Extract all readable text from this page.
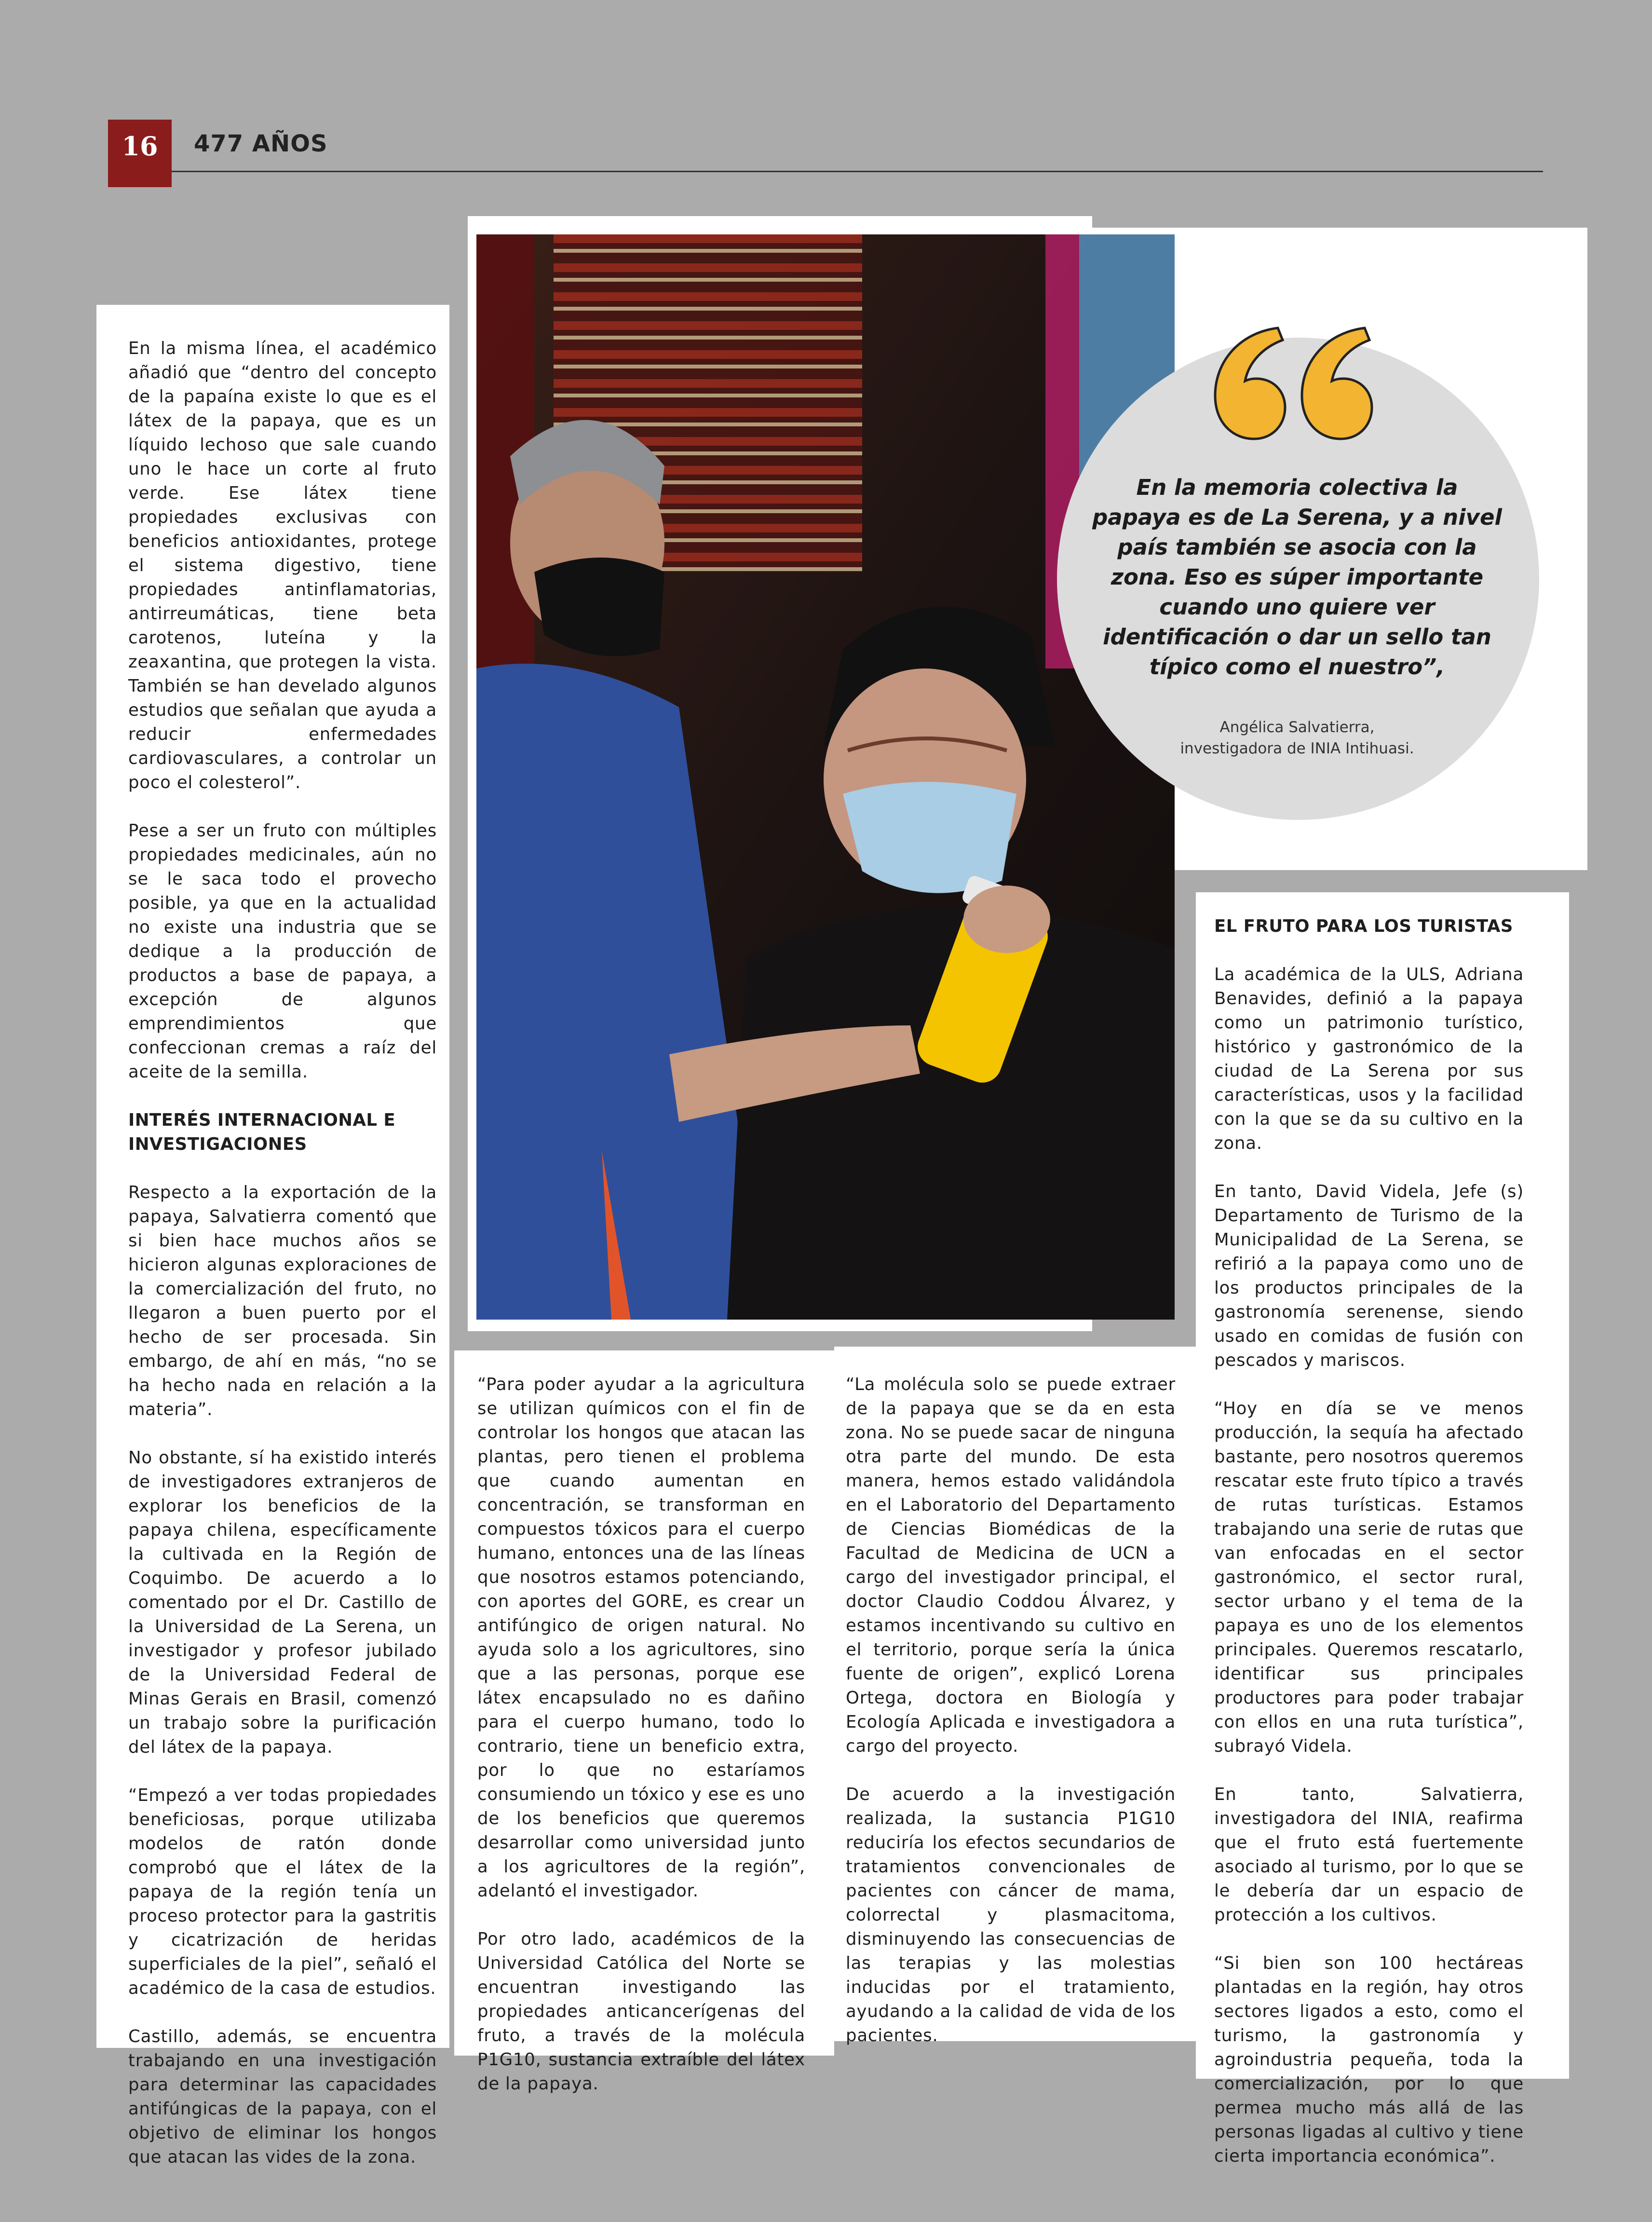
16	477 AÑOS
En la memoria colectiva la papaya es de La Serena, y a nivel país también se asocia con la zona. Eso es súper importante cuando uno quiere ver identificación o dar un sello tan típico como el nuestro”,
Angélica Salvatierra,
investigadora de INIA Intihuasi.

En la misma línea, el académico añadió que “dentro del concepto de la papaína existe lo que es el látex de la papaya, que es un líquido lechoso que sale cuando uno le hace un corte al fruto verde. Ese látex tiene propiedades exclusivas con beneficios antioxidantes, protege el sistema digestivo, tiene propiedades antinflamatorias, antirreumáticas, tiene beta carotenos, luteína y la zeaxantina, que protegen la vista. También se han develado algunos estudios que señalan que ayuda a reducir enfermedades cardiovasculares, a controlar un poco el colesterol”.

Pese a ser un fruto con múltiples propiedades medicinales, aún no se le saca todo el provecho posible, ya que en la actualidad no existe una industria que se dedique a la producción de productos a base de papaya, a excepción de algunos emprendimientos que confeccionan cremas a raíz del aceite de la semilla.

INTERÉS INTERNACIONAL E INVESTIGACIONES

Respecto a la exportación de la papaya, Salvatierra comentó que si bien hace muchos años se hicieron algunas exploraciones de la comercialización del fruto, no llegaron a buen puerto por el hecho de ser procesada. Sin embargo, de ahí en más, “no se ha hecho nada en relación a la materia”.

No obstante, sí ha existido interés de investigadores extranjeros de explorar los beneficios de la papaya chilena, específicamente la cultivada en la Región de Coquimbo. De acuerdo a lo comentado por el Dr. Castillo de la Universidad de La Serena, un investigador y profesor jubilado de la Universidad Federal de Minas Gerais en Brasil, comenzó un trabajo sobre la purificación del látex de la papaya.

“Empezó a ver todas propiedades beneficiosas, porque utilizaba modelos de ratón donde comprobó que el látex de la papaya de la región tenía un proceso protector para la gastritis y cicatrización de heridas superficiales de la piel”, señaló el académico de la casa de estudios.

Castillo, además, se encuentra trabajando en una investigación para determinar las capacidades antifúngicas de la papaya, con el objetivo de eliminar los hongos que atacan las vides de la zona.

“Para poder ayudar a la agricultura se utilizan químicos con el fin de controlar los hongos que atacan las plantas, pero tienen el problema que cuando aumentan en concentración, se transforman en compuestos tóxicos para el cuerpo humano, entonces una de las líneas que nosotros estamos potenciando, con aportes del GORE, es crear un antifúngico de origen natural. No ayuda solo a los agricultores, sino que a las personas, porque ese látex encapsulado no es dañino para el cuerpo humano, todo lo contrario, tiene un beneficio extra, por lo que no estaríamos consumiendo un tóxico y ese es uno de los beneficios que queremos desarrollar como universidad junto a los agricultores de la región”, adelantó el investigador.

Por otro lado, académicos de la Universidad Católica del Norte se encuentran investigando las propiedades anticancerígenas del fruto, a través de la molécula P1G10, sustancia extraíble del látex de la papaya.

“La molécula solo se puede extraer de la papaya que se da en esta zona. No se puede sacar de ninguna otra parte del mundo. De esta manera, hemos estado validándola en el Laboratorio del Departamento de Ciencias Biomédicas de la Facultad de Medicina de UCN a cargo del investigador principal, el doctor Claudio Coddou Álvarez, y estamos incentivando su cultivo en el territorio, porque sería la única fuente de origen”, explicó Lorena Ortega, doctora en Biología y Ecología Aplicada e investigadora a cargo del proyecto.

De acuerdo a la investigación realizada, la sustancia P1G10 reduciría los efectos secundarios de tratamientos convencionales de pacientes con cáncer de mama, colorrectal y plasmacitoma, disminuyendo las consecuencias de las terapias y las molestias inducidas por el tratamiento, ayudando a la calidad de vida de los pacientes.

EL FRUTO PARA LOS TURISTAS

La académica de la ULS, Adriana Benavides, definió a la papaya como un patrimonio turístico, histórico y gastronómico de la ciudad de La Serena por sus características, usos y la facilidad con la que se da su cultivo en la zona.

En tanto, David Videla, Jefe (s) Departamento de Turismo de la Municipalidad de La Serena, se refirió a la papaya como uno de los productos principales de la gastronomía serenense, siendo usado en comidas de fusión con pescados y mariscos.

“Hoy en día se ve menos producción, la sequía ha afectado bastante, pero nosotros queremos rescatar este fruto típico a través de rutas turísticas. Estamos trabajando una serie de rutas que van enfocadas en el sector gastronómico, el sector rural, sector urbano y el tema de la papaya es uno de los elementos principales. Queremos rescatarlo, identificar sus principales productores para poder trabajar con ellos en una ruta turística”, subrayó Videla.

En tanto, Salvatierra, investigadora del INIA, reafirma que el fruto está fuertemente asociado al turismo, por lo que se le debería dar un espacio de protección a los cultivos.

“Si bien son 100 hectáreas plantadas en la región, hay otros sectores ligados a esto, como el turismo, la gastronomía y agroindustria pequeña, toda la comercialización, por lo que permea mucho más allá de las personas ligadas al cultivo y tiene cierta importancia económica”.
